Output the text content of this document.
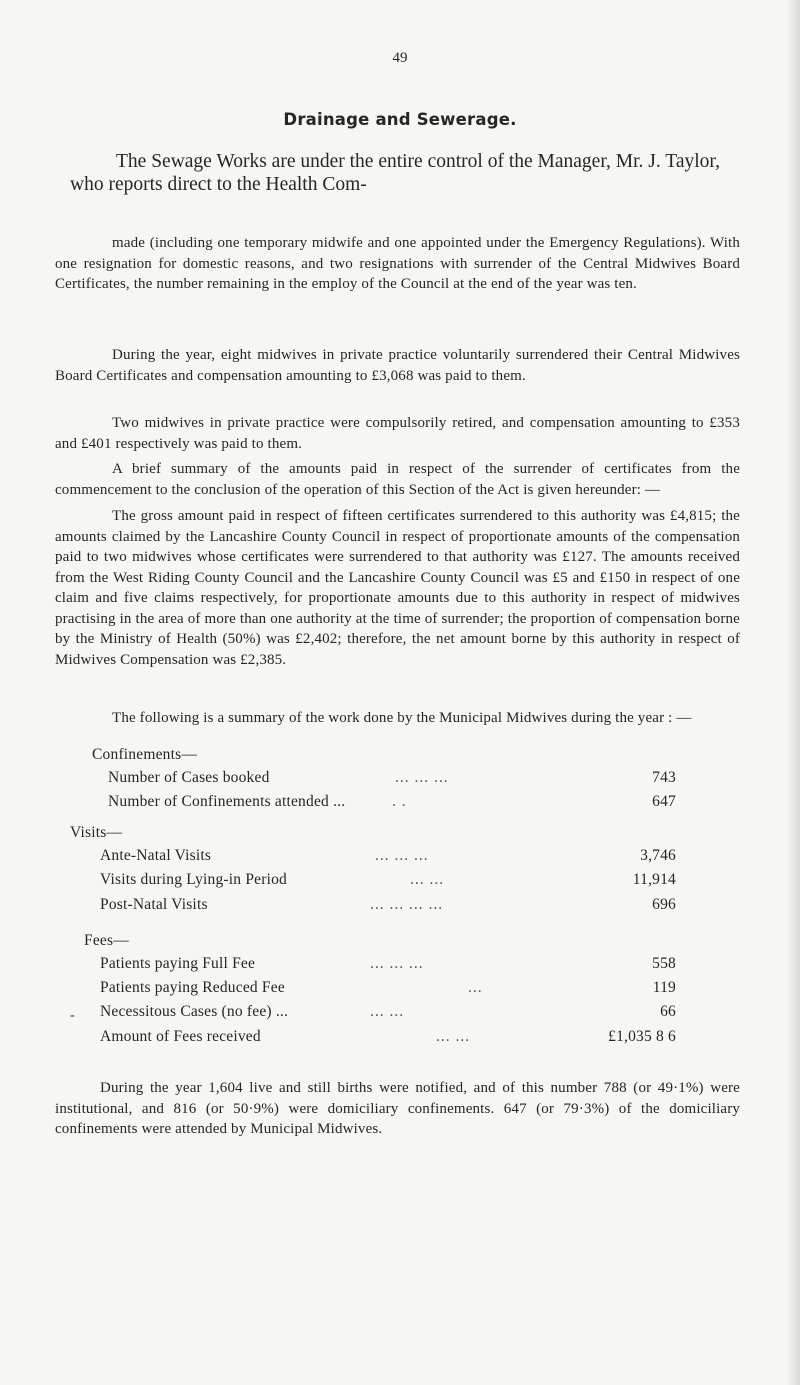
49
Drainage and Sewerage.

The Sewage Works are under the entire control of the Manager, Mr. J. Taylor, who reports direct to the Health Com-

made (including one temporary midwife and one appointed under the Emergency Regulations). With one resignation for domestic reasons, and two resignations with surrender of the Central Midwives Board Certificates, the number remaining in the employ of the Council at the end of the year was ten.

During the year, eight midwives in private practice voluntarily surrendered their Central Midwives Board Certificates and compensation amounting to £3,068 was paid to them.

Two midwives in private practice were compulsorily retired, and compensation amounting to £353 and £401 respectively was paid to them.

A brief summary of the amounts paid in respect of the surrender of certificates from the commencement to the conclusion of the operation of this Section of the Act is given hereunder: —

The gross amount paid in respect of fifteen certificates surrendered to this authority was £4,815; the amounts claimed by the Lancashire County Council in respect of proportionate amounts of the compensation paid to two midwives whose certificates were surrendered to that authority was £127. The amounts received from the West Riding County Council and the Lancashire County Council was £5 and £150 in respect of one claim and five claims respectively, for proportionate amounts due to this authority in respect of midwives practising in the area of more than one authority at the time of surrender; the proportion of compensation borne by the Ministry of Health (50%) was £2,402; therefore, the net amount borne by this authority in respect of Midwives Compensation was £2,385.

The following is a summary of the work done by the Municipal Midwives during the year : —

Confinements—
Number of Cases booked	... ... ...	743
Number of Confinements attended ...	. .	647
Visits—
Ante-Natal Visits	... ... ...	3,746
Visits during Lying-in Period	... ...	11,914
Post-Natal Visits	... ... ... ...	696
Fees—
Patients paying Full Fee	... ... ...	558
Patients paying Reduced Fee	...	119
- Necessitous Cases (no fee) ...	... ...	66
Amount of Fees received	... ...	£1,035 8 6

During the year 1,604 live and still births were notified, and of this number 788 (or 49·1%) were institutional, and 816 (or 50·9%) were domiciliary confinements. 647 (or 79·3%) of the domiciliary confinements were attended by Municipal Midwives.
